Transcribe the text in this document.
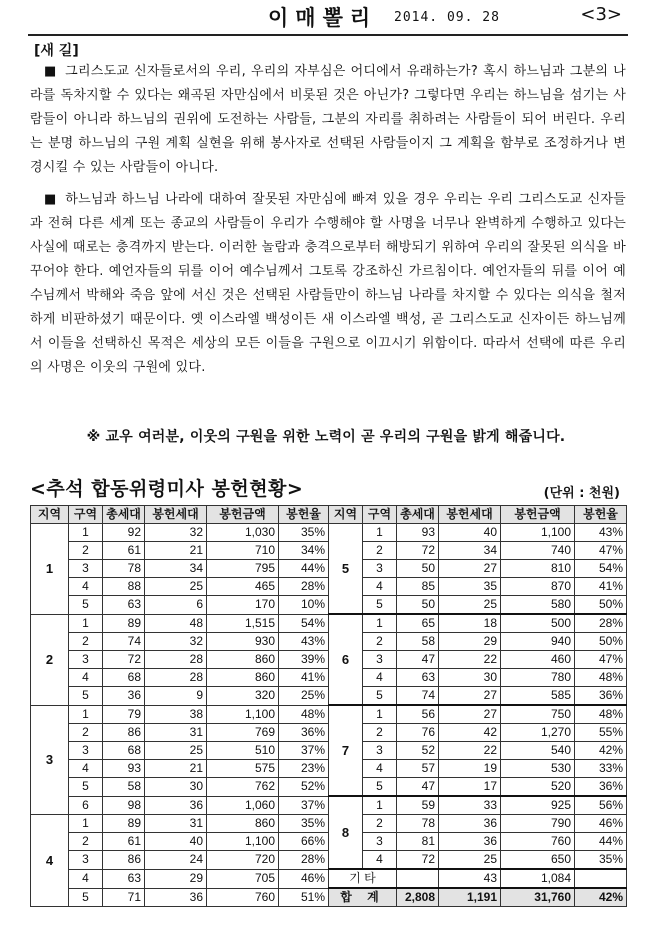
이매뽈리 2014. 09. 28	<3>
[새 길]

■ 그리스도교 신자들로서의 우리, 우리의 자부심은 어디에서 유래하는가? 혹시 하느님과 그분의 나라를 독차지할 수 있다는 왜곡된 자만심에서 비롯된 것은 아닌가? 그렇다면 우리는 하느님을 섬기는 사람들이 아니라 하느님의 권위에 도전하는 사람들, 그분의 자리를 취하려는 사람들이 되어 버린다. 우리는 분명 하느님의 구원 계획 실현을 위해 봉사자로 선택된 사람들이지 그 계획을 함부로 조정하거나 변경시킬 수 있는 사람들이 아니다.

■ 하느님과 하느님 나라에 대하여 잘못된 자만심에 빠져 있을 경우 우리는 우리 그리스도교 신자들과 전혀 다른 세계 또는 종교의 사람들이 우리가 수행해야 할 사명을 너무나 완벽하게 수행하고 있다는 사실에 때로는 충격까지 받는다. 이러한 놀람과 충격으로부터 해방되기 위하여 우리의 잘못된 의식을 바꾸어야 한다. 예언자들의 뒤를 이어 예수님께서 그토록 강조하신 가르침이다. 예언자들의 뒤를 이어 예수님께서 박해와 죽음 앞에 서신 것은 선택된 사람들만이 하느님 나라를 차지할 수 있다는 의식을 철저하게 비판하셨기 때문이다. 옛 이스라엘 백성이든 새 이스라엘 백성, 곧 그리스도교 신자이든 하느님께서 이들을 선택하신 목적은 세상의 모든 이들을 구원으로 이끄시기 위함이다. 따라서 선택에 따른 우리의 사명은 이웃의 구원에 있다.

※ 교우 여러분, 이웃의 구원을 위한 노력이 곧 우리의 구원을 밝게 해줍니다.
<추석 합동위령미사 봉헌현황>	(단위 : 천원)
지역	구역	총세대	봉헌세대	봉헌금액	봉헌율	지역	구역	총세대	봉헌세대	봉헌금액	봉헌율
1	1	92	32	1,030	35%	5	1	93	40	1,100	43%
	2	61	21	710	34%		2	72	34	740	47%
	3	78	34	795	44%		3	50	27	810	54%
	4	88	25	465	28%		4	85	35	870	41%
	5	63	6	170	10%		5	50	25	580	50%
2	1	89	48	1,515	54%	6	1	65	18	500	28%
	2	74	32	930	43%		2	58	29	940	50%
	3	72	28	860	39%		3	47	22	460	47%
	4	68	28	860	41%		4	63	30	780	48%
	5	36	9	320	25%		5	74	27	585	36%
3	1	79	38	1,100	48%	7	1	56	27	750	48%
	2	86	31	769	36%		2	76	42	1,270	55%
	3	68	25	510	37%		3	52	22	540	42%
	4	93	21	575	23%		4	57	19	530	33%
	5	58	30	762	52%		5	47	17	520	36%
	6	98	36	1,060	37%	8	1	59	33	925	56%
4	1	89	31	860	35%		2	78	36	790	46%
	2	61	40	1,100	66%		3	81	36	760	44%
	3	86	24	720	28%		4	72	25	650	35%
	4	63	29	705	46%	기 타			43	1,084	
	5	71	36	760	51%	합 계		2,808	1,191	31,760	42%
